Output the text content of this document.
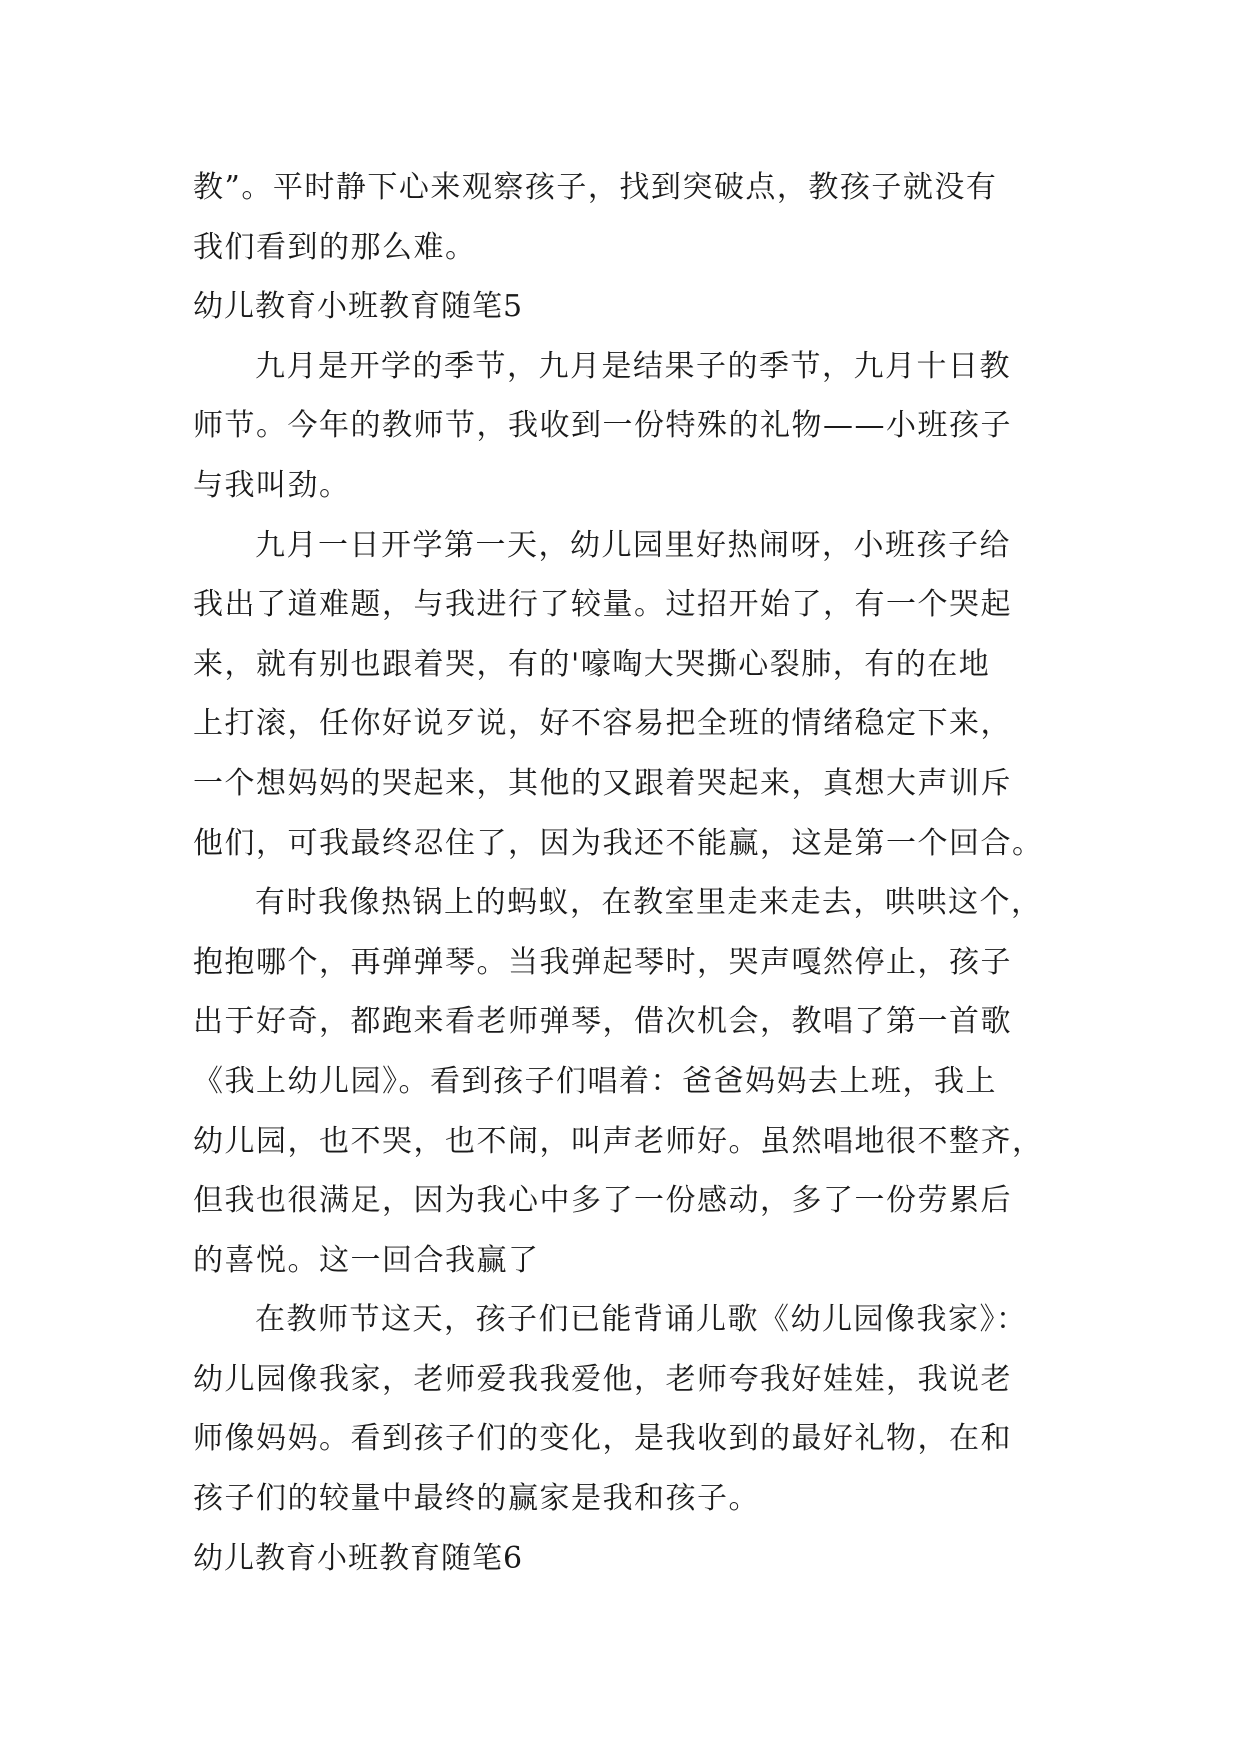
教”。平时静下心来观察孩子，找到突破点，教孩子就没有
我们看到的那么难。
幼儿教育小班教育随笔5
九月是开学的季节，九月是结果子的季节，九月十日教
师节。今年的教师节，我收到一份特殊的礼物——小班孩子
与我叫劲。
九月一日开学第一天，幼儿园里好热闹呀，小班孩子给
我出了道难题，与我进行了较量。过招开始了，有一个哭起
来，就有别也跟着哭，有的'嚎啕大哭撕心裂肺，有的在地
上打滚，任你好说歹说，好不容易把全班的情绪稳定下来，
一个想妈妈的哭起来，其他的又跟着哭起来，真想大声训斥
他们，可我最终忍住了，因为我还不能赢，这是第一个回合。
有时我像热锅上的蚂蚁，在教室里走来走去，哄哄这个，
抱抱哪个，再弹弹琴。当我弹起琴时，哭声嘎然停止，孩子
出于好奇，都跑来看老师弹琴，借次机会，教唱了第一首歌
《我上幼儿园》。看到孩子们唱着：爸爸妈妈去上班，我上
幼儿园，也不哭，也不闹，叫声老师好。虽然唱地很不整齐，
但我也很满足，因为我心中多了一份感动，多了一份劳累后
的喜悦。这一回合我赢了
在教师节这天，孩子们已能背诵儿歌《幼儿园像我家》：
幼儿园像我家，老师爱我我爱他，老师夸我好娃娃，我说老
师像妈妈。看到孩子们的变化，是我收到的最好礼物，在和
孩子们的较量中最终的赢家是我和孩子。
幼儿教育小班教育随笔6
